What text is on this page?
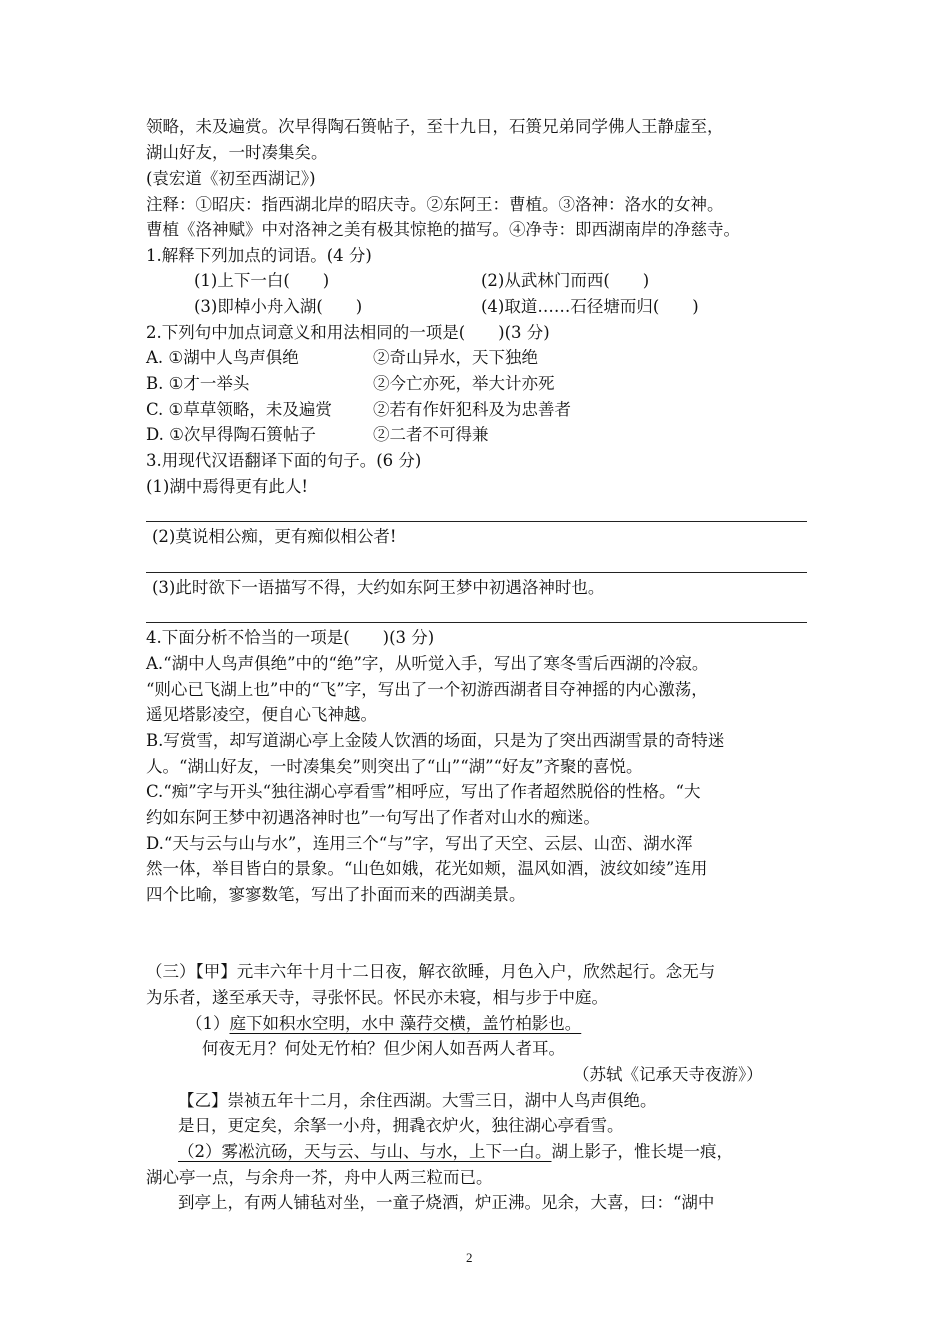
领略，未及遍赏。次早得陶石篑帖子，至十九日，石篑兄弟同学佛人王静虚至，
湖山好友，一时凑集矣。
(袁宏道《初至西湖记》)
注释：①昭庆：指西湖北岸的昭庆寺。②东阿王：曹植。③洛神：洛水的女神。
曹植《洛神赋》中对洛神之美有极其惊艳的描写。④净寺：即西湖南岸的净慈寺。
1.解释下列加点的词语。(4 分)
(1)上下一白(　　)	(2)从武林门而西(　　)
(3)即棹小舟入湖(　　)	(4)取道……石径塘而归(　　)
2.下列句中加点词意义和用法相同的一项是(　　)(3 分)
A. ①湖中人鸟声俱绝	②奇山异水，天下独绝
B. ①才一举头	②今亡亦死，举大计亦死
C. ①草草领略，未及遍赏 ②若有作奸犯科及为忠善者
D. ①次早得陶石篑帖子	②二者不可得兼
3.用现代汉语翻译下面的句子。(6 分)
(1)湖中焉得更有此人!
(2)莫说相公痴，更有痴似相公者!
(3)此时欲下一语描写不得，大约如东阿王梦中初遇洛神时也。
4.下面分析不恰当的一项是(　　)(3 分)
A.“湖中人鸟声俱绝”中的“绝”字，从听觉入手，写出了寒冬雪后西湖的冷寂。
“则心已飞湖上也”中的“飞”字，写出了一个初游西湖者目夺神摇的内心激荡，
遥见塔影凌空，便自心飞神越。
B.写赏雪，却写道湖心亭上金陵人饮酒的场面，只是为了突出西湖雪景的奇特迷
人。“湖山好友，一时凑集矣”则突出了“山”“湖”“好友”齐聚的喜悦。
C.“痴”字与开头“独往湖心亭看雪”相呼应，写出了作者超然脱俗的性格。“大
约如东阿王梦中初遇洛神时也”一句写出了作者对山水的痴迷。
D.“天与云与山与水”，连用三个“与”字，写出了天空、云层、山峦、湖水浑
然一体，举目皆白的景象。“山色如娥，花光如颊，温风如酒，波纹如绫”连用
四个比喻，寥寥数笔，写出了扑面而来的西湖美景。
（三）【甲】元丰六年十月十二日夜，解衣欲睡，月色入户，欣然起行。念无与
为乐者，遂至承天寺，寻张怀民。怀民亦未寝，相与步于中庭。
（1）庭下如积水空明，水中 藻荇交横，盖竹柏影也。
何夜无月？何处无竹柏？但少闲人如吾两人者耳。
（苏轼《记承天寺夜游》）
【乙】崇祯五年十二月，余住西湖。大雪三日，湖中人鸟声俱绝。
是日，更定矣，余拏一小舟，拥毳衣炉火，独往湖心亭看雪。
（2）雾凇沆砀，天与云、与山、与水，上下一白。湖上影子，惟长堤一痕，
湖心亭一点，与余舟一芥，舟中人两三粒而已。
到亭上，有两人铺毡对坐，一童子烧酒，炉正沸。见余，大喜，曰：“湖中
2
